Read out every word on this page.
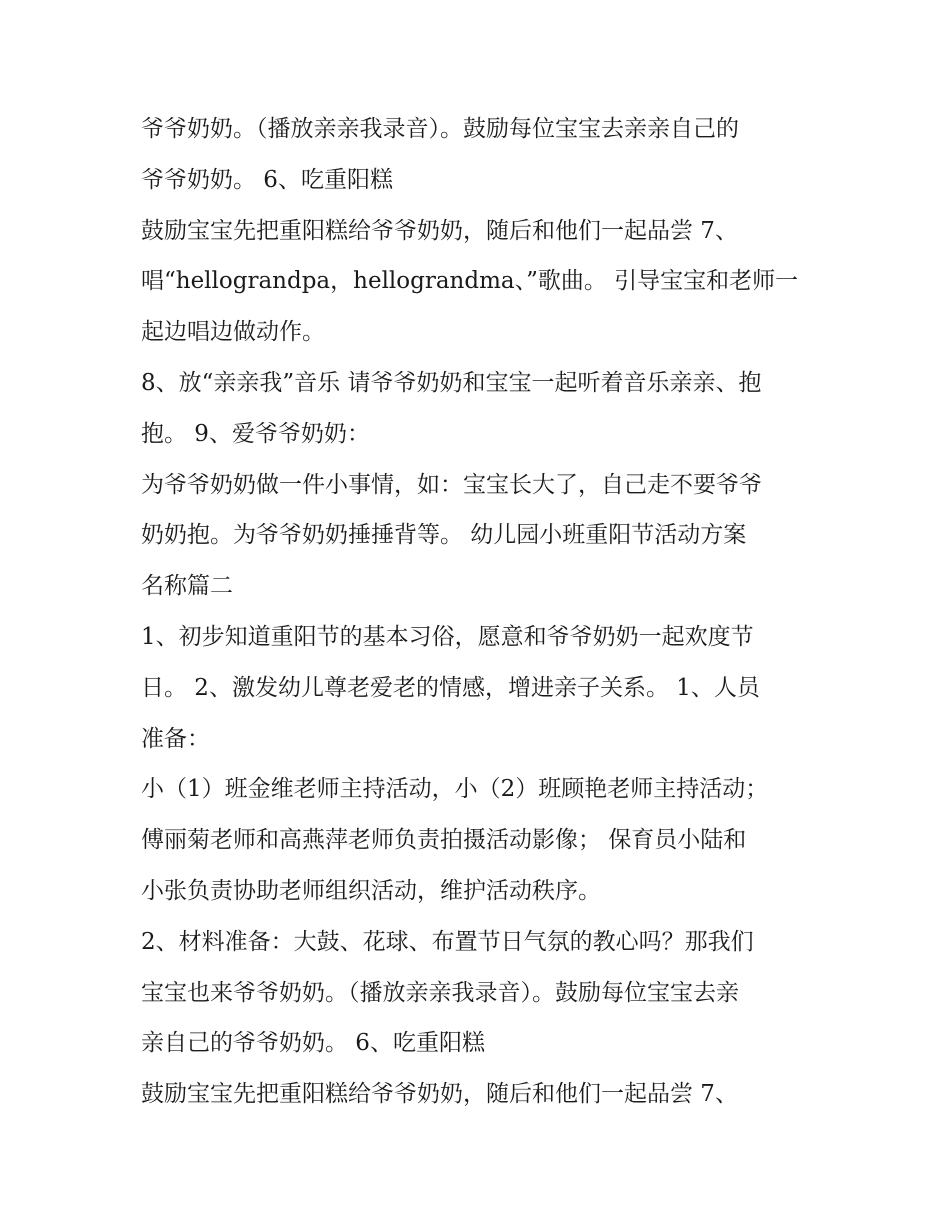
爷爷奶奶。（播放亲亲我录音）。鼓励每位宝宝去亲亲自己的
爷爷奶奶。 6、吃重阳糕
鼓励宝宝先把重阳糕给爷爷奶奶，随后和他们一起品尝 7、
唱“hellograndpa，hellograndma、”歌曲。 引导宝宝和老师一
起边唱边做动作。
8、放“亲亲我”音乐 请爷爷奶奶和宝宝一起听着音乐亲亲、抱
抱。 9、爱爷爷奶奶：
为爷爷奶奶做一件小事情，如：宝宝长大了，自己走不要爷爷
奶奶抱。为爷爷奶奶捶捶背等。 幼儿园小班重阳节活动方案
名称篇二
1、初步知道重阳节的基本习俗，愿意和爷爷奶奶一起欢度节
日。 2、激发幼儿尊老爱老的情感，增进亲子关系。 1、人员
准备：
小（1）班金维老师主持活动，小（2）班顾艳老师主持活动；
傅丽菊老师和高燕萍老师负责拍摄活动影像； 保育员小陆和
小张负责协助老师组织活动，维护活动秩序。
2、材料准备：大鼓、花球、布置节日气氛的教心吗？那我们
宝宝也来爷爷奶奶。（播放亲亲我录音）。鼓励每位宝宝去亲
亲自己的爷爷奶奶。 6、吃重阳糕
鼓励宝宝先把重阳糕给爷爷奶奶，随后和他们一起品尝 7、
